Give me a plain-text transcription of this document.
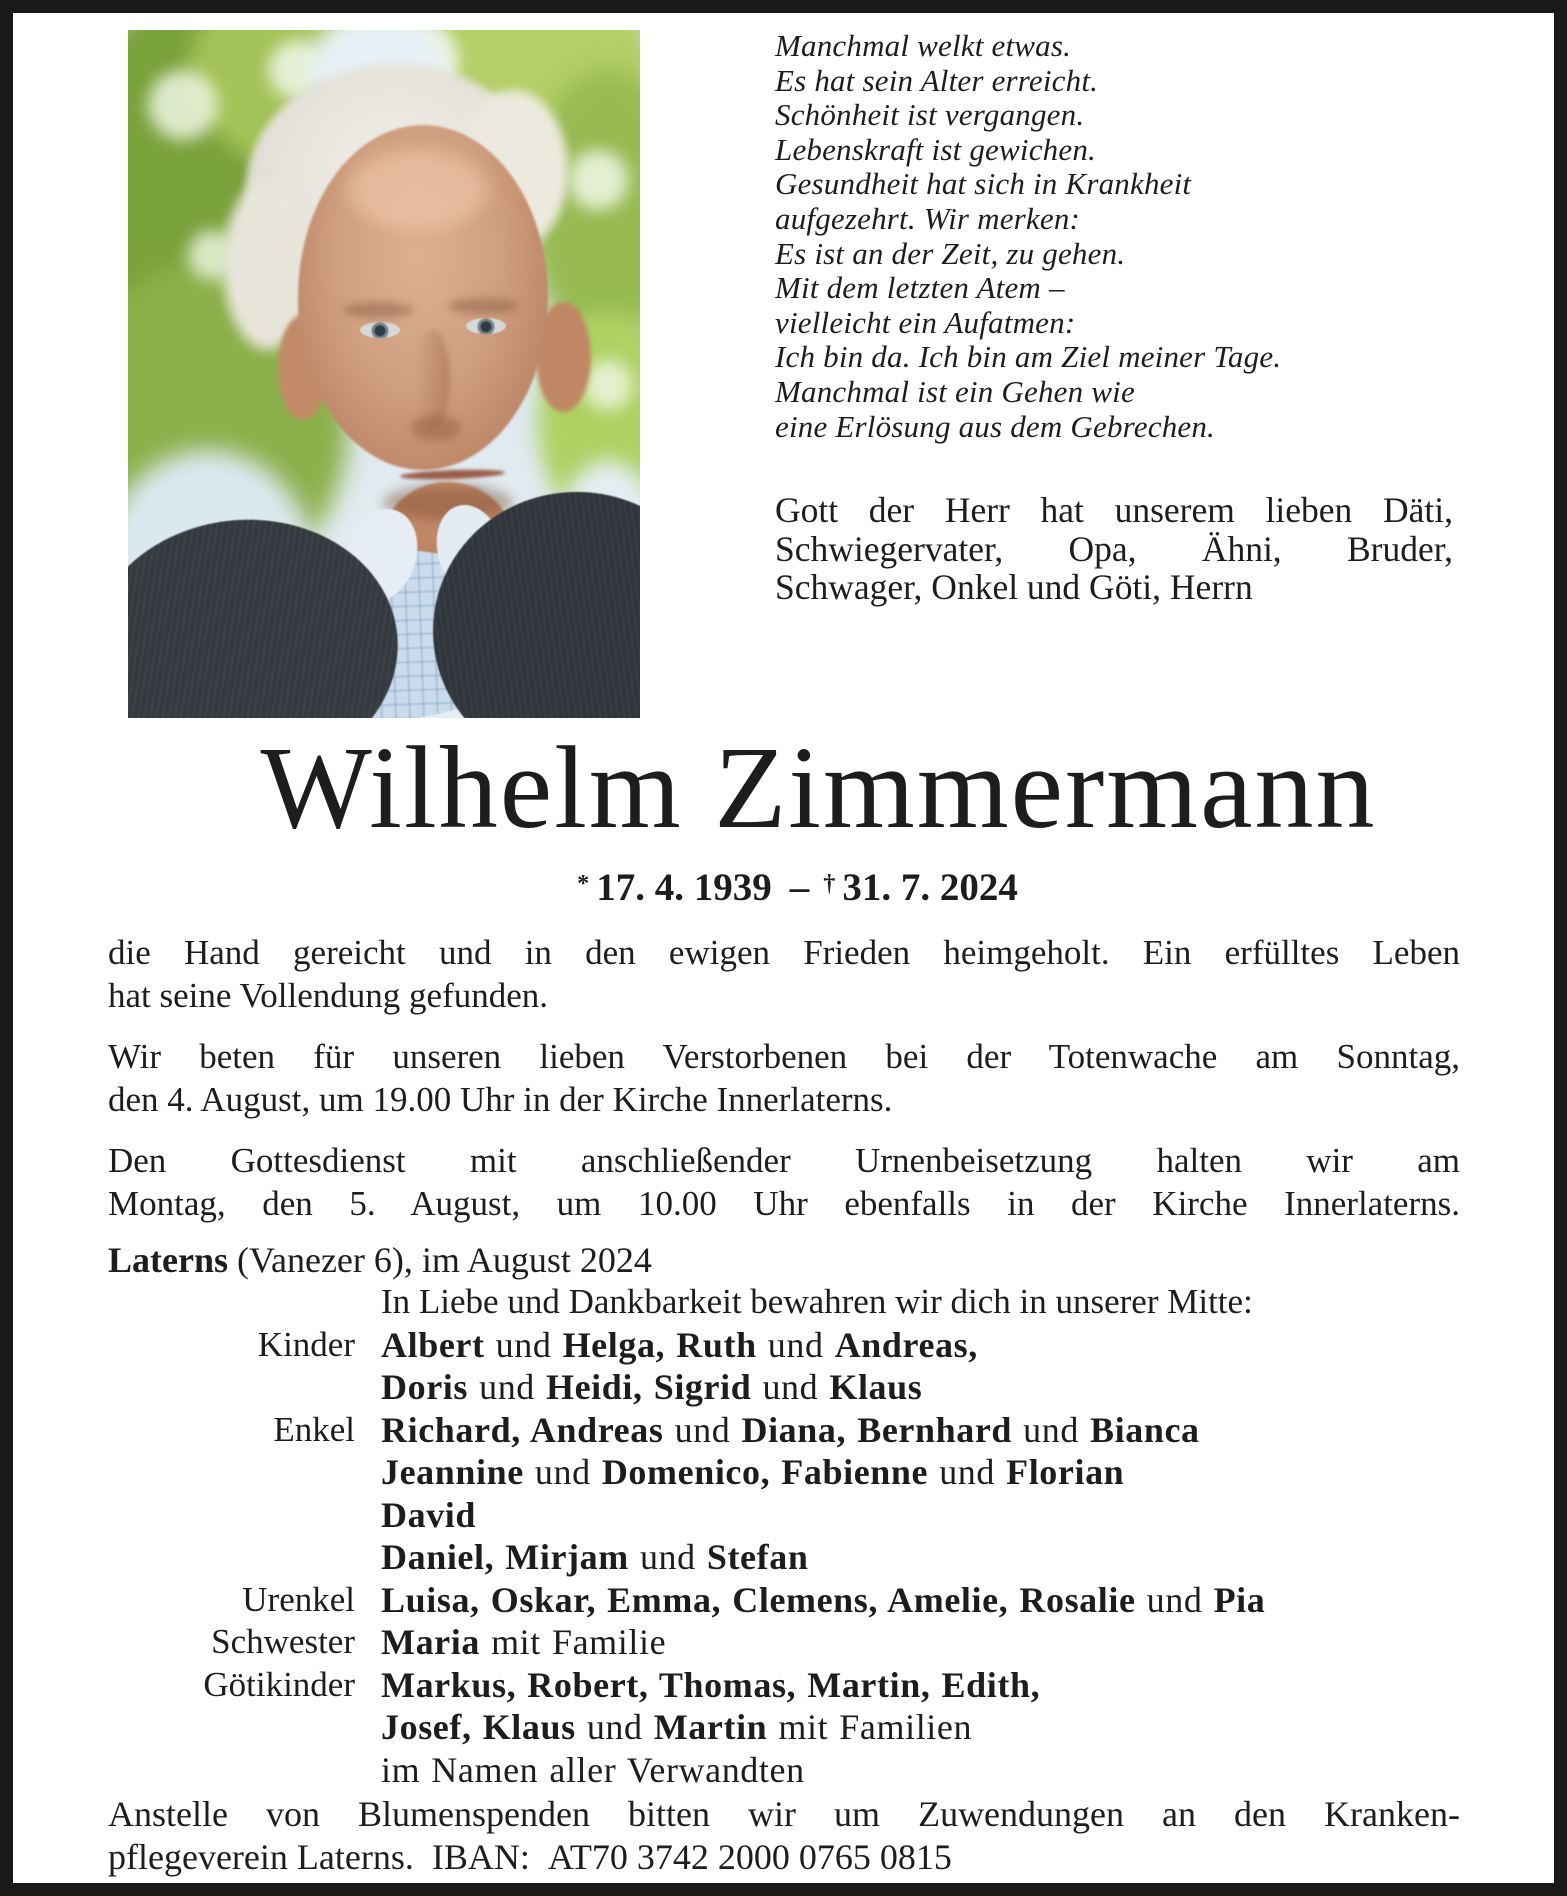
Manchmal welkt etwas.
Es hat sein Alter erreicht.
Schönheit ist vergangen.
Lebenskraft ist gewichen.
Gesundheit hat sich in Krankheit
aufgezehrt. Wir merken:
Es ist an der Zeit, zu gehen.
Mit dem letzten Atem –
vielleicht ein Aufatmen:
Ich bin da. Ich bin am Ziel meiner Tage.
Manchmal ist ein Gehen wie
eine Erlösung aus dem Gebrechen.
Gott der Herr hat unserem lieben Däti,
Schwiegervater, Opa, Ähni, Bruder,
Schwager, Onkel und Göti, Herrn
Wilhelm Zimmermann
* 17. 4. 1939 – † 31. 7. 2024
die Hand gereicht und in den ewigen Frieden heimgeholt. Ein erfülltes Leben
hat seine Vollendung gefunden.
Wir beten für unseren lieben Verstorbenen bei der Totenwache am Sonntag,
den 4. August, um 19.00 Uhr in der Kirche Innerlaterns.
Den Gottesdienst mit anschließender Urnenbeisetzung halten wir am
Montag, den 5. August, um 10.00 Uhr ebenfalls in der Kirche Innerlaterns.
Laterns (Vanezer 6), im August 2024
In Liebe und Dankbarkeit bewahren wir dich in unserer Mitte:
Kinder Albert und Helga, Ruth und Andreas,
Doris und Heidi, Sigrid und Klaus
Enkel Richard, Andreas und Diana, Bernhard und Bianca
Jeannine und Domenico, Fabienne und Florian
David
Daniel, Mirjam und Stefan
Urenkel Luisa, Oskar, Emma, Clemens, Amelie, Rosalie und Pia
Schwester Maria mit Familie
Götikinder Markus, Robert, Thomas, Martin, Edith,
Josef, Klaus und Martin mit Familien
im Namen aller Verwandten
Anstelle von Blumenspenden bitten wir um Zuwendungen an den Kranken-
pflegeverein Laterns. IBAN: AT70 3742 2000 0765 0815
